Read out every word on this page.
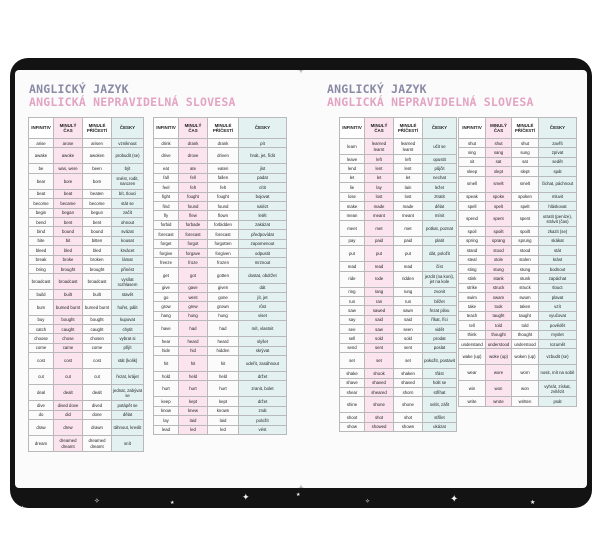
★
✧	★	✦	✧	✦	★
★
ANGLICKÝ JAZYK
ANGLICKÁ NEPRAVIDELNÁ SLOVESA
INFINITIV	MINULÝ ČAS	MINULÉ PŘÍČESTÍ	ČESKY
arise	arose	arisen	vzniknout
awake	awoke	awoken	probudit (se)
be	was, were	been	být
bear	bore	born	snést, rodit, narozen
beat	beat	beaten	bít, tlouci
become	became	become	stát se
begin	began	begun	začít
bend	bent	bent	ohnout
bind	bound	bound	svázat
bite	bit	bitten	kousat
bleed	bled	bled	krvácet
break	broke	broken	lámat
bring	brought	brought	přinést
broadcast	broadcast	broadcast	vysílat rozhlasem
build	built	built	stavět
burn	burned burnt	burned burnt	hořet, pálit
buy	bought	bought	kupovat
catch	caught	caught	chytit
choose	chose	chosen	vybrat si
come	came	come	přijít
cost	cost	cost	stát (kolik)
cut	cut	cut	řezat, krájet
deal	dealt	dealt	jednat, zabývat se
dive	dived dove	dived	potápět se
do	did	done	dělat
draw	drew	drawn	táhnout, kreslit
dream	dreamed dreamt	dreamed dreamt	snít
INFINITIV	MINULÝ ČAS	MINULÉ PŘÍČESTÍ	ČESKY
drink	drank	drank	pít
drive	drove	driven	hnát, jet, řídit
eat	ate	eaten	jíst
fall	fell	fallen	padat
feel	felt	felt	cítit
fight	fought	fought	bojovat
find	found	found	nalézt
fly	flew	flown	letět
forbid	forbade	forbidden	zakázat
forecast	forecast	forecast	předpovídat
forget	forgot	forgotten	zapomenout
forgive	forgave	forgiven	odpustit
freeze	froze	frozen	mrznout
get	got	gotten	dostat, obdržet
give	gave	given	dát
go	went	gone	jít, jet
grow	grew	grown	růst
hang	hung	hung	viset
have	had	had	mít, vlastnit
hear	heard	heard	slyšet
hide	hid	hidden	skrývat
hit	hit	hit	udeřit, zasáhnout
hold	held	held	držet
hurt	hurt	hurt	zranit, bolet
keep	kept	kept	držet
know	knew	known	znát
lay	laid	laid	položit
lead	led	led	vést
ANGLICKÝ JAZYK
ANGLICKÁ NEPRAVIDELNÁ SLOVESA
INFINITIV	MINULÝ ČAS	MINULÉ PŘÍČESTÍ	ČESKY
learn	learned learnt	learned learnt	učit se
leave	left	left	opustit
lend	lent	lent	půjčit
let	let	let	nechat
lie	lay	lain	ležet
lose	lost	lost	ztratit
make	made	made	dělat
mean	meant	meant	mínit
meet	met	met	potkat, poznat
pay	paid	paid	platit
put	put	put	dát, položit
read	read	read	číst
ride	rode	ridden	jezdit (na koni), jet na kole
ring	rang	rung	zvonit
run	ran	run	běžet
saw	sawed	sawn	řezat pilou
say	said	said	říkat, říci
see	saw	seen	vidět
sell	sold	sold	prodat
send	sent	sent	poslat
set	set	set	pokožit, postavit
shake	shook	shaken	třást
shave	shaved	shaved	holit se
shear	sheared	shorn	stříhat
shine	shone	shone	svítit, zářit
shoot	shot	shot	střílet
show	showed	shown	ukázat
INFINITIV	MINULÝ ČAS	MINULÉ PŘÍČESTÍ	ČESKY
shut	shut	shut	zavřít
sing	sang	sung	zpívat
sit	sat	sat	sedět
sleep	slept	slept	spát
smell	smelt	smelt	čichat, páchnout
speak	spoke	spoken	mluvit
spell	spelt	spelt	hláskovat
spend	spent	spent	utratit (peníze), strávit (čas)
spoil	spoilt	spoilt	zkazit (se)
spring	sprang	sprung	skákat
stand	stood	stood	stát
steal	stole	stolen	krást
sting	stung	stung	bodnout
stink	stank	stunk	zapáchat
strike	struck	struck	tlouct
swim	swam	swum	plavat
take	took	taken	vzít
teach	taught	taught	vyučovat
tell	told	told	povědět
think	thought	thought	myslet
understand	understood	understood	rozumět
wake (up)	woke (up)	woken (up)	vzbudit (se)
wear	wore	worn	nosit, mít na sobě
win	won	won	vyhrát, získat, zvítězit
write	wrote	written	psát
